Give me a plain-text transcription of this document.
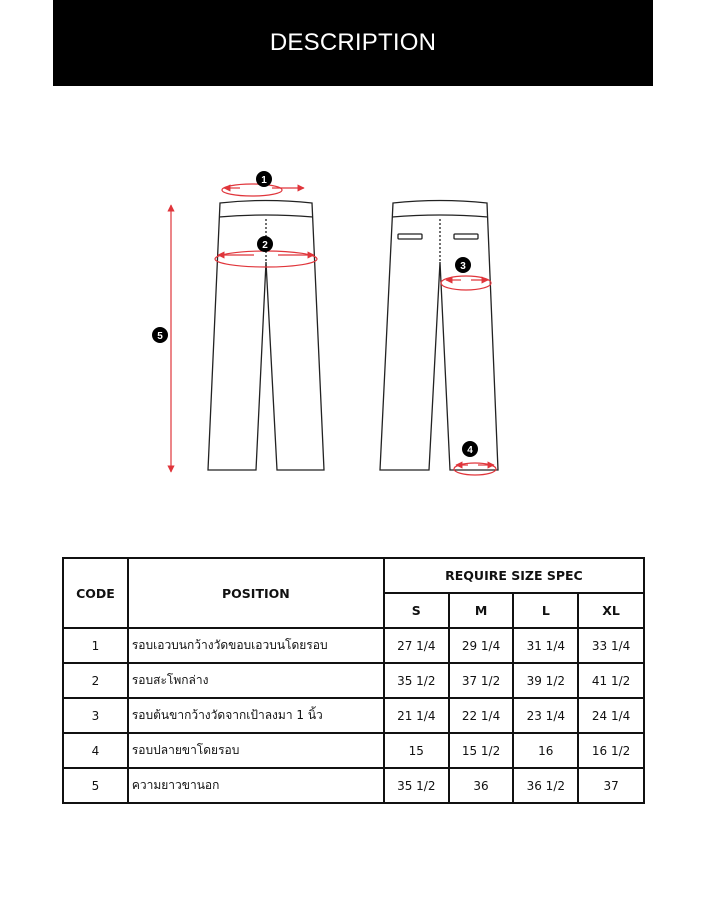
DESCRIPTION
1
2
3
4
5
CODE	POSITION	REQUIRE SIZE SPEC			
		S	M	L	XL
1	รอบเอวบนกว้างวัดขอบเอวบนโดยรอบ	27 1/4	29 1/4	31 1/4	33 1/4
2	รอบสะโพกล่าง	35 1/2	37 1/2	39 1/2	41 1/2
3	รอบต้นขากว้างวัดจากเป้าลงมา 1 นิ้ว	21 1/4	22 1/4	23 1/4	24 1/4
4	รอบปลายขาโดยรอบ	15	15 1/2	16	16 1/2
5	ความยาวขานอก	35 1/2	36	36 1/2	37
